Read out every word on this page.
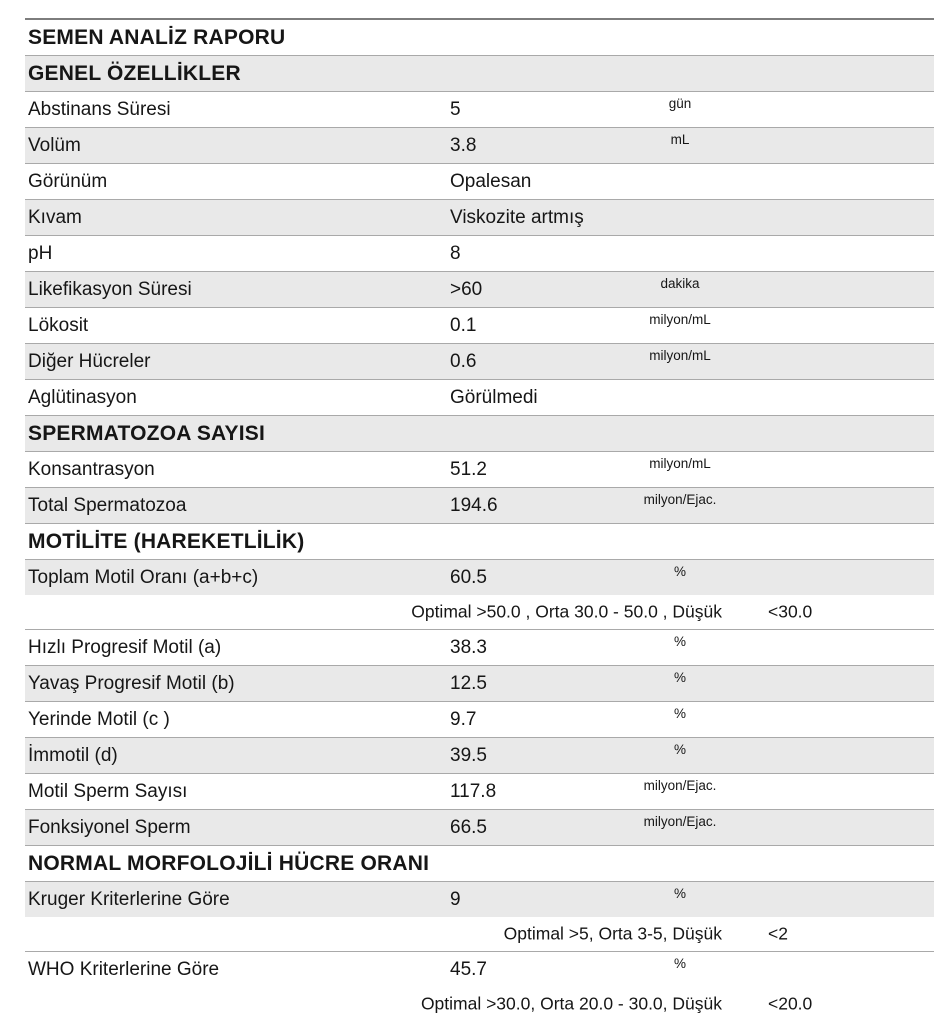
SEMEN ANALİZ RAPORU
GENEL ÖZELLİKLER
Abstinans Süresi	5	gün
Volüm	3.8	mL
Görünüm	Opalesan
Kıvam	Viskozite artmış
pH	8
Likefikasyon Süresi	>60	dakika
Lökosit	0.1	milyon/mL
Diğer Hücreler	0.6	milyon/mL
Aglütinasyon	Görülmedi
SPERMATOZOA SAYISI
Konsantrasyon	51.2	milyon/mL
Total Spermatozoa	194.6	milyon/Ejac.
MOTİLİTE (HAREKETLİLİK)
Toplam Motil Oranı (a+b+c)	60.5	%
Optimal >50.0 , Orta 30.0 - 50.0 , Düşük	<30.0
Hızlı Progresif Motil (a)	38.3	%
Yavaş Progresif Motil (b)	12.5	%
Yerinde Motil (c )	9.7	%
İmmotil (d)	39.5	%
Motil Sperm Sayısı	117.8	milyon/Ejac.
Fonksiyonel Sperm	66.5	milyon/Ejac.
NORMAL MORFOLOJİLİ HÜCRE ORANI
Kruger Kriterlerine Göre	9	%
Optimal >5, Orta 3-5, Düşük	<2
WHO Kriterlerine Göre	45.7	%
Optimal >30.0, Orta 20.0 - 30.0, Düşük	<20.0
